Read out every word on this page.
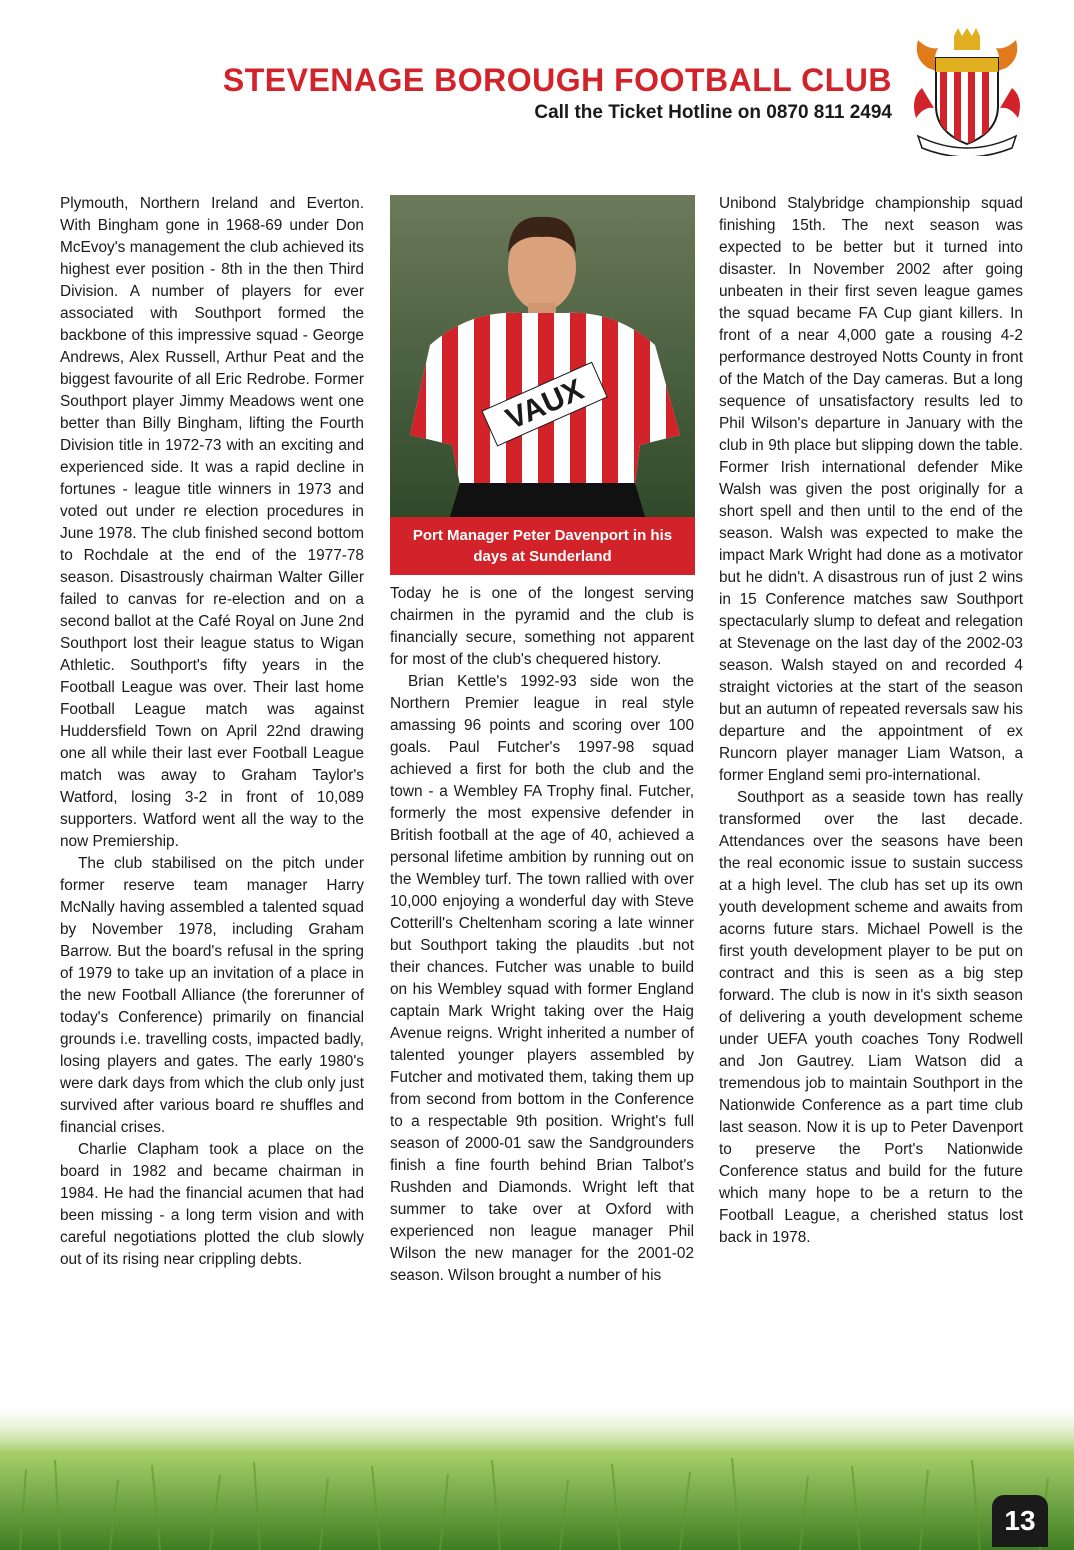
STEVENAGE BOROUGH FOOTBALL CLUB
Call the Ticket Hotline on 0870 811 2494

Plymouth, Northern Ireland and Everton. With Bingham gone in 1968-69 under Don McEvoy's management the club achieved its highest ever position - 8th in the then Third Division. A number of players for ever associated with Southport formed the backbone of this impressive squad - George Andrews, Alex Russell, Arthur Peat and the biggest favourite of all Eric Redrobe. Former Southport player Jimmy Meadows went one better than Billy Bingham, lifting the Fourth Division title in 1972-73 with an exciting and experienced side. It was a rapid decline in fortunes - league title winners in 1973 and voted out under re election procedures in June 1978. The club finished second bottom to Rochdale at the end of the 1977-78 season. Disastrously chairman Walter Giller failed to canvas for re-election and on a second ballot at the Café Royal on June 2nd Southport lost their league status to Wigan Athletic. Southport's fifty years in the Football League was over. Their last home Football League match was against Huddersfield Town on April 22nd drawing one all while their last ever Football League match was away to Graham Taylor's Watford, losing 3-2 in front of 10,089 supporters. Watford went all the way to the now Premiership.

The club stabilised on the pitch under former reserve team manager Harry McNally having assembled a talented squad by November 1978, including Graham Barrow. But the board's refusal in the spring of 1979 to take up an invitation of a place in the new Football Alliance (the forerunner of today's Conference) primarily on financial grounds i.e. travelling costs, impacted badly, losing players and gates. The early 1980's were dark days from which the club only just survived after various board re shuffles and financial crises.

Charlie Clapham took a place on the board in 1982 and became chairman in 1984. He had the financial acumen that had been missing - a long term vision and with careful negotiations plotted the club slowly out of its rising near crippling debts.

VAUX
Port Manager Peter Davenport in his days at Sunderland

Today he is one of the longest serving chairmen in the pyramid and the club is financially secure, something not apparent for most of the club's chequered history.

Brian Kettle's 1992-93 side won the Northern Premier league in real style amassing 96 points and scoring over 100 goals. Paul Futcher's 1997-98 squad achieved a first for both the club and the town - a Wembley FA Trophy final. Futcher, formerly the most expensive defender in British football at the age of 40, achieved a personal lifetime ambition by running out on the Wembley turf. The town rallied with over 10,000 enjoying a wonderful day with Steve Cotterill's Cheltenham scoring a late winner but Southport taking the plaudits .but not their chances. Futcher was unable to build on his Wembley squad with former England captain Mark Wright taking over the Haig Avenue reigns. Wright inherited a number of talented younger players assembled by Futcher and motivated them, taking them up from second from bottom in the Conference to a respectable 9th position. Wright's full season of 2000-01 saw the Sandgrounders finish a fine fourth behind Brian Talbot's Rushden and Diamonds. Wright left that summer to take over at Oxford with experienced non league manager Phil Wilson the new manager for the 2001-02 season. Wilson brought a number of his

Unibond Stalybridge championship squad finishing 15th. The next season was expected to be better but it turned into disaster. In November 2002 after going unbeaten in their first seven league games the squad became FA Cup giant killers. In front of a near 4,000 gate a rousing 4-2 performance destroyed Notts County in front of the Match of the Day cameras. But a long sequence of unsatisfactory results led to Phil Wilson's departure in January with the club in 9th place but slipping down the table. Former Irish international defender Mike Walsh was given the post originally for a short spell and then until to the end of the season. Walsh was expected to make the impact Mark Wright had done as a motivator but he didn't. A disastrous run of just 2 wins in 15 Conference matches saw Southport spectacularly slump to defeat and relegation at Stevenage on the last day of the 2002-03 season. Walsh stayed on and recorded 4 straight victories at the start of the season but an autumn of repeated reversals saw his departure and the appointment of ex Runcorn player manager Liam Watson, a former England semi pro-international.

Southport as a seaside town has really transformed over the last decade. Attendances over the seasons have been the real economic issue to sustain success at a high level. The club has set up its own youth development scheme and awaits from acorns future stars. Michael Powell is the first youth development player to be put on contract and this is seen as a big step forward. The club is now in it's sixth season of delivering a youth development scheme under UEFA youth coaches Tony Rodwell and Jon Gautrey. Liam Watson did a tremendous job to maintain Southport in the Nationwide Conference as a part time club last season. Now it is up to Peter Davenport to preserve the Port's Nationwide Conference status and build for the future which many hope to be a return to the Football League, a cherished status lost back in 1978.

13
